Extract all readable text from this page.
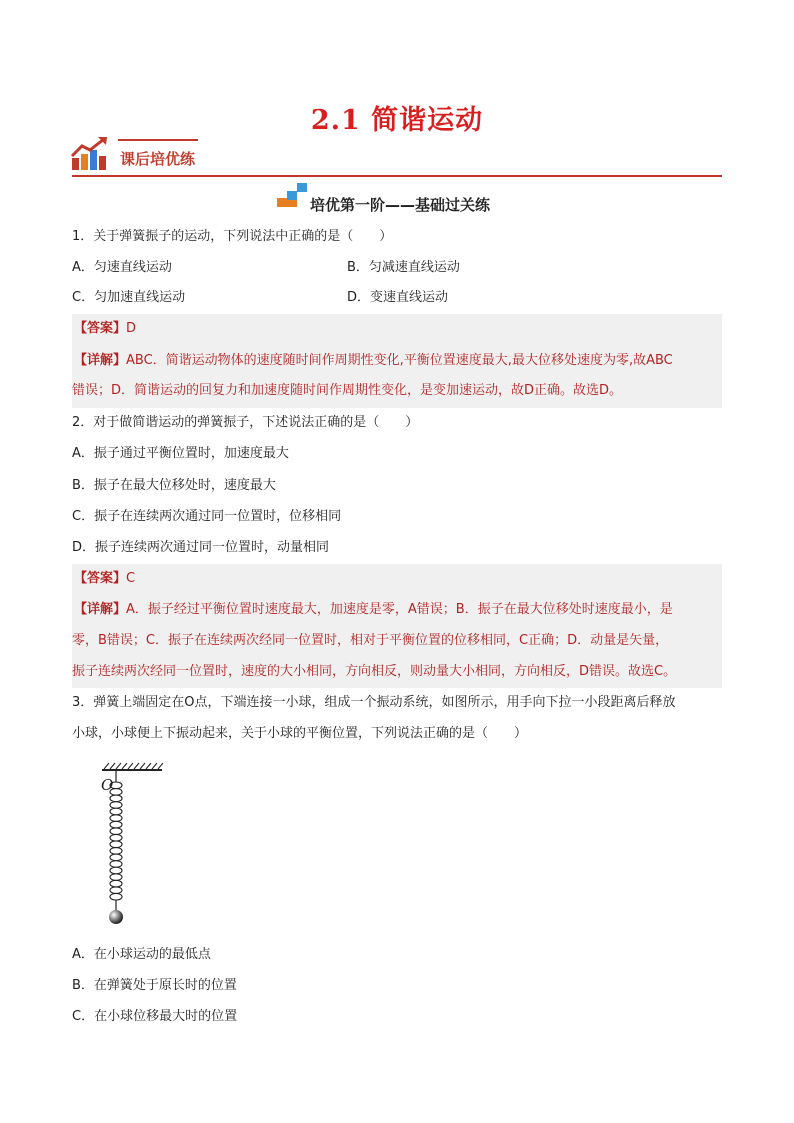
2.1 简谐运动
课后培优练
培优第一阶——基础过关练
1．关于弹簧振子的运动，下列说法中正确的是（　　）
A．匀速直线运动	B．匀减速直线运动
C．匀加速直线运动	D．变速直线运动
【答案】D
【详解】ABC．简谐运动物体的速度随时间作周期性变化,平衡位置速度最大,最大位移处速度为零,故ABC
错误；D．简谐运动的回复力和加速度随时间作周期性变化，是变加速运动，故D正确。故选D。
2．对于做简谐运动的弹簧振子，下述说法正确的是（　　）
A．振子通过平衡位置时，加速度最大
B．振子在最大位移处时，速度最大
C．振子在连续两次通过同一位置时，位移相同
D．振子连续两次通过同一位置时，动量相同
【答案】C
【详解】A．振子经过平衡位置时速度最大，加速度是零，A错误；B．振子在最大位移处时速度最小，是
零，B错误；C．振子在连续两次经同一位置时，相对于平衡位置的位移相同，C正确；D．动量是矢量，
振子连续两次经同一位置时，速度的大小相同，方向相反，则动量大小相同，方向相反，D错误。故选C。
3．弹簧上端固定在O点，下端连接一小球，组成一个振动系统，如图所示，用手向下拉一小段距离后释放
小球，小球便上下振动起来，关于小球的平衡位置，下列说法正确的是（　　）
O
A．在小球运动的最低点
B．在弹簧处于原长时的位置
C．在小球位移最大时的位置
